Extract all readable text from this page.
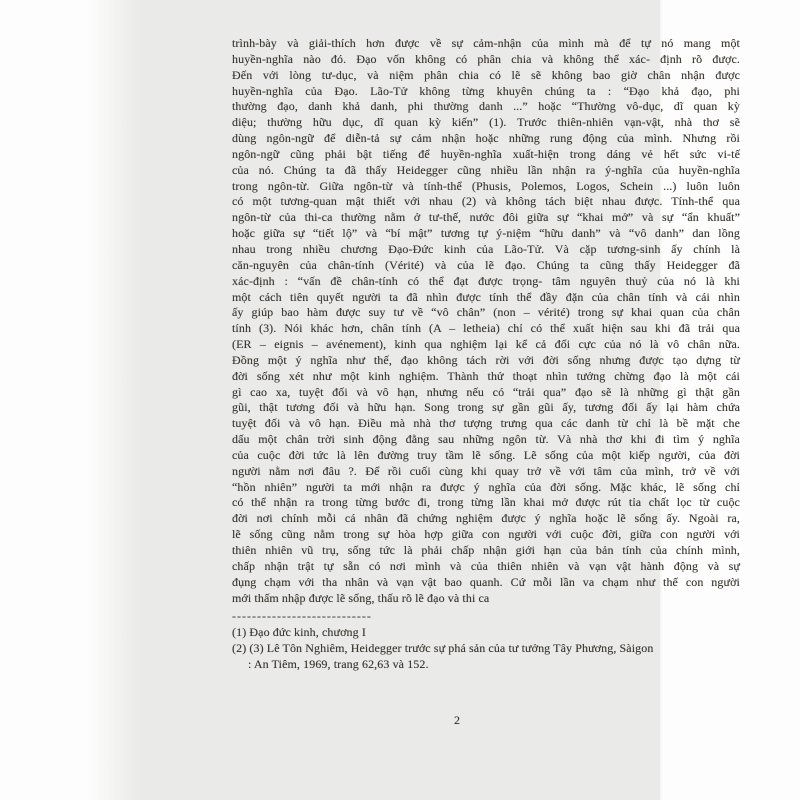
trình-bày và giải-thích hơn được về sự cảm-nhận của mình mà để tự nó mang một
huyền-nghĩa nào đó. Đạo vốn không có phân chia và không thể xác- định rõ được.
Đến với lòng tư-dục, và niệm phân chia có lẽ sẽ không bao giờ chân nhận được
huyền-nghĩa của Đạo. Lão-Tử không từng khuyên chúng ta : “Đạo khả đạo, phi
thường đạo, danh khả danh, phi thường danh ...” hoặc “Thường vô-dục, dĩ quan kỳ
diệu; thường hữu dục, dĩ quan kỳ kiến” (1). Trước thiên-nhiên vạn-vật, nhà thơ sẽ
dùng ngôn-ngữ để diễn-tả sự cảm nhận hoặc những rung động của mình. Nhưng rồi
ngôn-ngữ cũng phải bật tiếng để huyền-nghĩa xuất-hiện trong dáng vẻ hết sức vi-tế
của nó. Chúng ta đã thấy Heidegger cũng nhiều lần nhận ra ý-nghĩa của huyền-nghĩa
trong ngôn-từ. Giữa ngôn-từ và tính-thể (Phusis, Polemos, Logos, Schein ...) luôn luôn
có một tương-quan mật thiết với nhau (2) và không tách biệt nhau được. Tính-thể qua
ngôn-từ của thi-ca thường nằm ở tư-thế, nước đôi giữa sự “khai mở” và sự “ẩn khuất”
hoặc giữa sự “tiết lộ” và “bí mật” tương tự ý-niệm “hữu danh” và “vô danh” dan lồng
nhau trong nhiều chương Đạo-Đức kinh của Lão-Tử. Và cặp tương-sinh ấy chính là
căn-nguyên của chân-tính (Vérité) và của lẽ đạo. Chúng ta cũng thấy Heidegger đã
xác-định : “vấn đề chân-tính có thể đạt được trọng- tâm nguyên thuỷ của nó là khi
một cách tiên quyết người ta đã nhìn được tính thể đầy đặn của chân tính và cái nhìn
ấy giúp bao hàm được suy tư về “vô chân” (non – vérité) trong sự khai quan của chân
tính (3). Nói khác hơn, chân tính (A – letheia) chỉ có thể xuất hiện sau khi đã trải qua
(ER – eignis – avénement), kinh qua nghiệm lại kể cả đối cực của nó là vô chân nữa.
Đồng một ý nghĩa như thế, đạo không tách rời với đời sống nhưng được tạo dựng từ
đời sống xét như một kinh nghiệm. Thành thử thoạt nhìn tưởng chừng đạo là một cái
gì cao xa, tuyệt đối và vô hạn, nhưng nếu có “trải qua” đạo sẽ là những gì thật gần
gũi, thật tương đối và hữu hạn. Song trong sự gần gũi ấy, tương đối ấy lại hàm chứa
tuyệt đối và vô hạn. Điều mà nhà thơ tượng trưng qua các danh từ chỉ là bề mặt che
dấu một chân trời sinh động đằng sau những ngôn từ. Và nhà thơ khi đi tìm ý nghĩa
của cuộc đời tức là lên đường truy tầm lẽ sống. Lẽ sống của một kiếp người, của đời
người nằm nơi đâu ?. Để rồi cuối cùng khi quay trở về với tâm của mình, trở về với
“hồn nhiên” người ta mới nhận ra được ý nghĩa của đời sống. Mặc khác, lẽ sống chỉ
có thể nhận ra trong từng bước đi, trong từng lần khai mở được rút tỉa chất lọc từ cuộc
đời nơi chính mỗi cá nhân đã chứng nghiệm được ý nghĩa hoặc lẽ sống ấy. Ngoài ra,
lẽ sống cũng nằm trong sự hòa hợp giữa con người với cuộc đời, giữa con người với
thiên nhiên vũ trụ, sống tức là phải chấp nhận giới hạn của bản tính của chính mình,
chấp nhận trật tự sẵn có nơi mình và của thiên nhiên và vạn vật hành động và sự
đụng chạm với tha nhân và vạn vật bao quanh. Cứ mỗi lần va chạm như thế con người
mới thấm nhập được lẽ sống, thấu rõ lẽ đạo và thi ca
----------------------------
(1) Đạo đức kinh, chương I
(2) (3) Lê Tôn Nghiêm, Heidegger trước sự phá sản của tư tưởng Tây Phương, Sàigon
: An Tiêm, 1969, trang 62,63 và 152.
2
